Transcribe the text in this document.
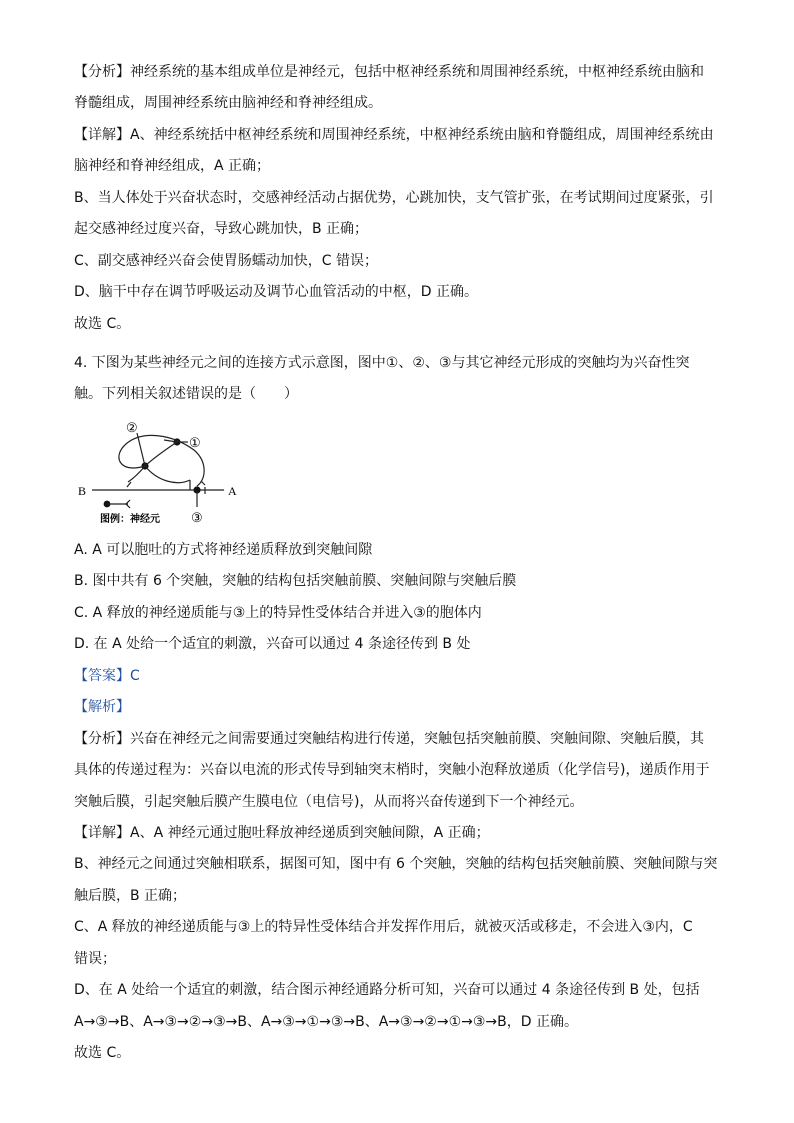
【分析】神经系统的基本组成单位是神经元，包括中枢神经系统和周围神经系统，中枢神经系统由脑和
脊髓组成，周围神经系统由脑神经和脊神经组成。
【详解】A、神经系统括中枢神经系统和周围神经系统，中枢神经系统由脑和脊髓组成，周围神经系统由
脑神经和脊神经组成，A 正确；
B、当人体处于兴奋状态时，交感神经活动占据优势，心跳加快，支气管扩张，在考试期间过度紧张，引
起交感神经过度兴奋，导致心跳加快，B 正确；
C、副交感神经兴奋会使胃肠蠕动加快，C 错误；
D、脑干中存在调节呼吸运动及调节心血管活动的中枢，D 正确。
故选 C。
4. 下图为某些神经元之间的连接方式示意图，图中①、②、③与其它神经元形成的突触均为兴奋性突
触。下列相关叙述错误的是（　　）
②
①
③
A
B
图例：神经元
A. A 可以胞吐的方式将神经递质释放到突触间隙
B. 图中共有 6 个突触，突触的结构包括突触前膜、突触间隙与突触后膜
C. A 释放的神经递质能与③上的特异性受体结合并进入③的胞体内
D. 在 A 处给一个适宜的刺激，兴奋可以通过 4 条途径传到 B 处
【答案】C
【解析】
【分析】兴奋在神经元之间需要通过突触结构进行传递，突触包括突触前膜、突触间隙、突触后膜，其
具体的传递过程为：兴奋以电流的形式传导到轴突末梢时，突触小泡释放递质（化学信号)，递质作用于
突触后膜，引起突触后膜产生膜电位（电信号)，从而将兴奋传递到下一个神经元。
【详解】A、A 神经元通过胞吐释放神经递质到突触间隙，A 正确；
B、神经元之间通过突触相联系，据图可知，图中有 6 个突触，突触的结构包括突触前膜、突触间隙与突
触后膜，B 正确；
C、A 释放的神经递质能与③上的特异性受体结合并发挥作用后，就被灭活或移走，不会进入③内，C
错误；
D、在 A 处给一个适宜的刺激，结合图示神经通路分析可知，兴奋可以通过 4 条途径传到 B 处，包括
A→③→B、A→③→②→③→B、A→③→①→③→B、A→③→②→①→③→B，D 正确。
故选 C。
